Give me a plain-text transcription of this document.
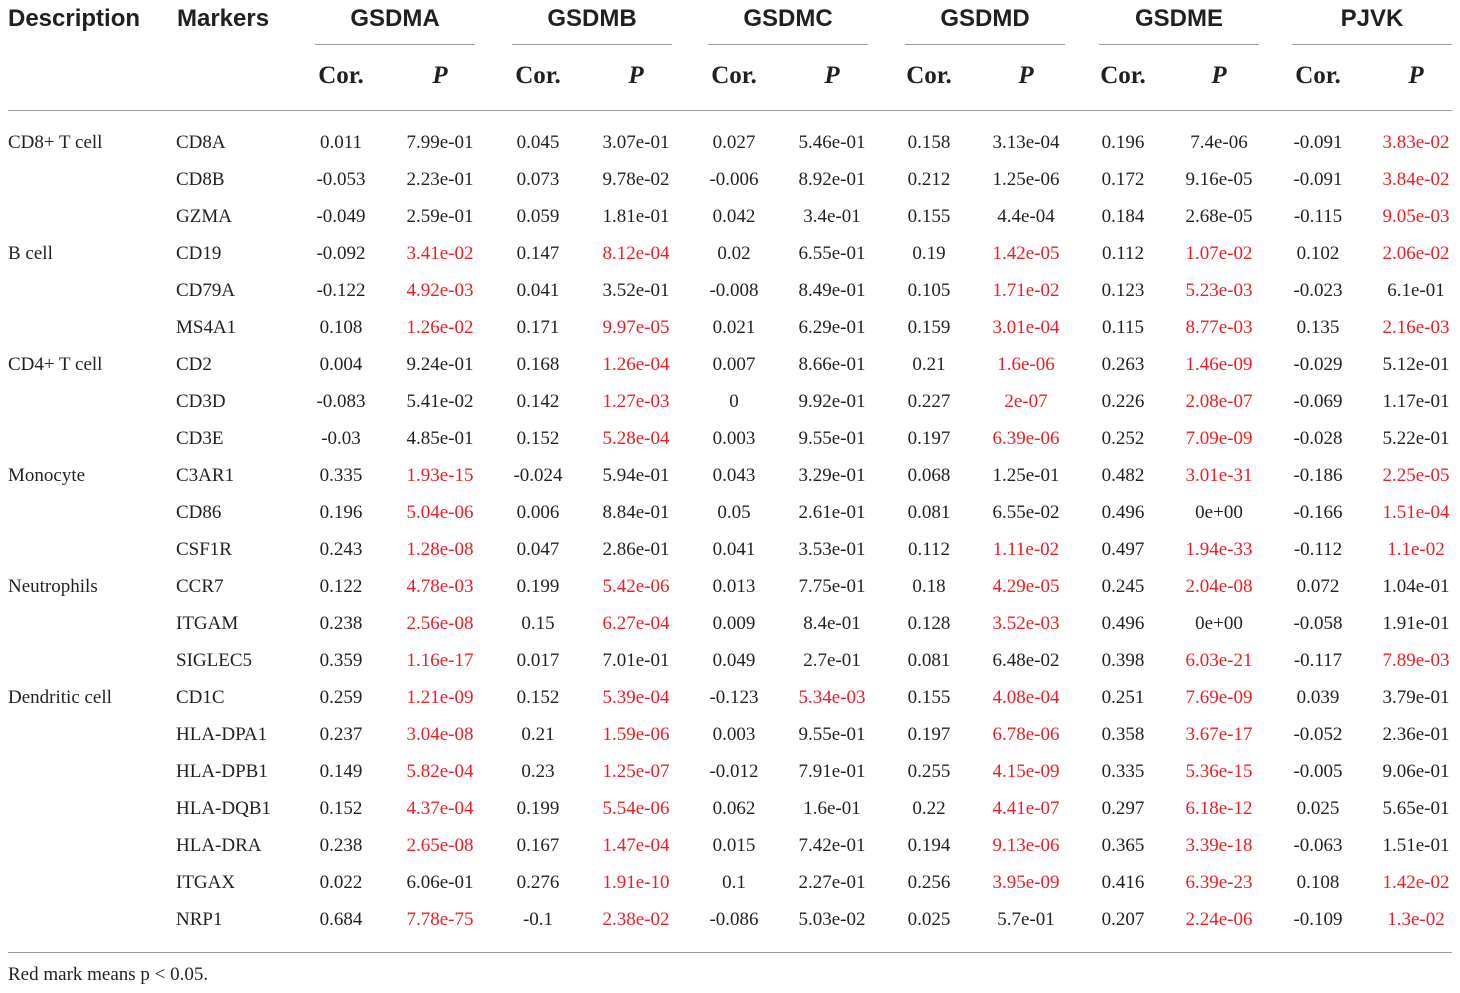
Description Markers	GSDMA
Cor.	P
GSDMB
Cor.	P
GSDMC
Cor.	P
GSDMD
Cor.	P
GSDME
Cor.	P
PJVK
Cor.	P
CD8+ T cell	CD8A	0.011 7.99e-01 0.045 3.07e-01 0.027 5.46e-01 0.158 3.13e-04 0.196 7.4e-06 -0.091 3.83e-02
CD8B	-0.053 2.23e-01 0.073 9.78e-02 -0.006 8.92e-01 0.212 1.25e-06 0.172 9.16e-05 -0.091 3.84e-02
GZMA	-0.049 2.59e-01 0.059 1.81e-01 0.042	3.4e-01 0.155 4.4e-04 0.184 2.68e-05 -0.115 9.05e-03
B cell	CD19	-0.092 3.41e-02 0.147 8.12e-04	0.02	6.55e-01 0.19 1.42e-05 0.112 1.07e-02 0.102 2.06e-02
CD79A	-0.122 4.92e-03 0.041 3.52e-01 -0.008 8.49e-01 0.105 1.71e-02 0.123 5.23e-03 -0.023 6.1e-01
MS4A1	0.108 1.26e-02 0.171 9.97e-05 0.021 6.29e-01 0.159 3.01e-04 0.115 8.77e-03 0.135 2.16e-03
CD4+ T cell	CD2	0.004 9.24e-01 0.168 1.26e-04 0.007 8.66e-01 0.21	1.6e-06 0.263 1.46e-09 -0.029 5.12e-01
CD3D	-0.083 5.41e-02 0.142 1.27e-03	0	9.92e-01 0.227	2e-07	0.226 2.08e-07 -0.069 1.17e-01
CD3E	-0.03 4.85e-01 0.152 5.28e-04 0.003 9.55e-01 0.197 6.39e-06 0.252 7.09e-09 -0.028 5.22e-01
Monocyte	C3AR1	0.335 1.93e-15 -0.024 5.94e-01 0.043 3.29e-01 0.068 1.25e-01 0.482 3.01e-31 -0.186 2.25e-05
CD86	0.196 5.04e-06 0.006 8.84e-01	0.05	2.61e-01 0.081 6.55e-02 0.496	0e+00	-0.166 1.51e-04
CSF1R	0.243 1.28e-08 0.047 2.86e-01 0.041 3.53e-01 0.112 1.11e-02 0.497 1.94e-33 -0.112 1.1e-02
Neutrophils	CCR7	0.122 4.78e-03 0.199 5.42e-06 0.013 7.75e-01 0.18 4.29e-05 0.245 2.04e-08 0.072 1.04e-01
ITGAM	0.238 2.56e-08	0.15	6.27e-04 0.009	8.4e-01 0.128 3.52e-03 0.496	0e+00	-0.058 1.91e-01
SIGLEC5	0.359 1.16e-17 0.017 7.01e-01 0.049	2.7e-01 0.081 6.48e-02 0.398 6.03e-21 -0.117 7.89e-03
Dendritic cell	CD1C	0.259 1.21e-09 0.152 5.39e-04 -0.123 5.34e-03 0.155 4.08e-04 0.251 7.69e-09 0.039 3.79e-01
HLA-DPA1	0.237 3.04e-08	0.21	1.59e-06 0.003 9.55e-01 0.197 6.78e-06 0.358 3.67e-17 -0.052 2.36e-01
HLA-DPB1	0.149 5.82e-04	0.23	1.25e-07 -0.012 7.91e-01 0.255 4.15e-09 0.335 5.36e-15 -0.005 9.06e-01
HLA-DQB1	0.152 4.37e-04 0.199 5.54e-06 0.062	1.6e-01	0.22 4.41e-07 0.297 6.18e-12 0.025 5.65e-01
HLA-DRA	0.238 2.65e-08 0.167 1.47e-04 0.015 7.42e-01 0.194 9.13e-06 0.365 3.39e-18 -0.063 1.51e-01
ITGAX	0.022 6.06e-01 0.276 1.91e-10	0.1	2.27e-01 0.256 3.95e-09 0.416 6.39e-23 0.108 1.42e-02
NRP1	0.684 7.78e-75	-0.1	2.38e-02 -0.086 5.03e-02 0.025 5.7e-01 0.207 2.24e-06 -0.109 1.3e-02
Red mark means p < 0.05.
